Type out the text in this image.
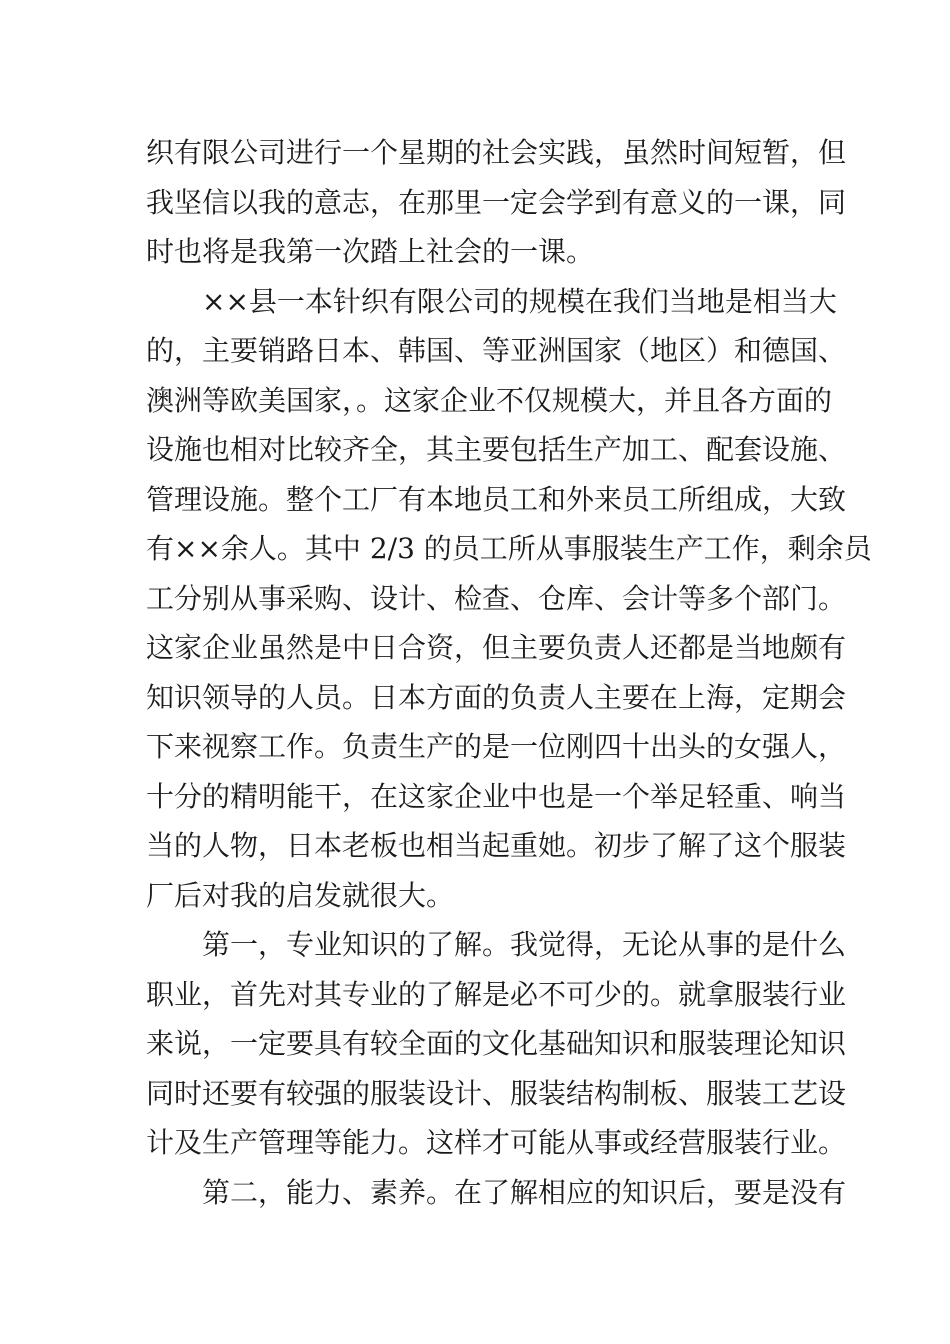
织有限公司进行一个星期的社会实践，虽然时间短暂，但
我坚信以我的意志，在那里一定会学到有意义的一课，同
时也将是我第一次踏上社会的一课。
××县一本针织有限公司的规模在我们当地是相当大
的，主要销路日本、韩国、等亚洲国家（地区）和德国、
澳洲等欧美国家，。这家企业不仅规模大，并且各方面的
设施也相对比较齐全，其主要包括生产加工、配套设施、
管理设施。整个工厂有本地员工和外来员工所组成，大致
有××余人。其中 2/3 的员工所从事服装生产工作，剩余员
工分别从事采购、设计、检查、仓库、会计等多个部门。
这家企业虽然是中日合资，但主要负责人还都是当地颇有
知识领导的人员。日本方面的负责人主要在上海，定期会
下来视察工作。负责生产的是一位刚四十出头的女强人，
十分的精明能干，在这家企业中也是一个举足轻重、响当
当的人物，日本老板也相当起重她。初步了解了这个服装
厂后对我的启发就很大。
第一，专业知识的了解。我觉得，无论从事的是什么
职业，首先对其专业的了解是必不可少的。就拿服装行业
来说，一定要具有较全面的文化基础知识和服装理论知识
同时还要有较强的服装设计、服装结构制板、服装工艺设
计及生产管理等能力。这样才可能从事或经营服装行业。
第二，能力、素养。在了解相应的知识后，要是没有
